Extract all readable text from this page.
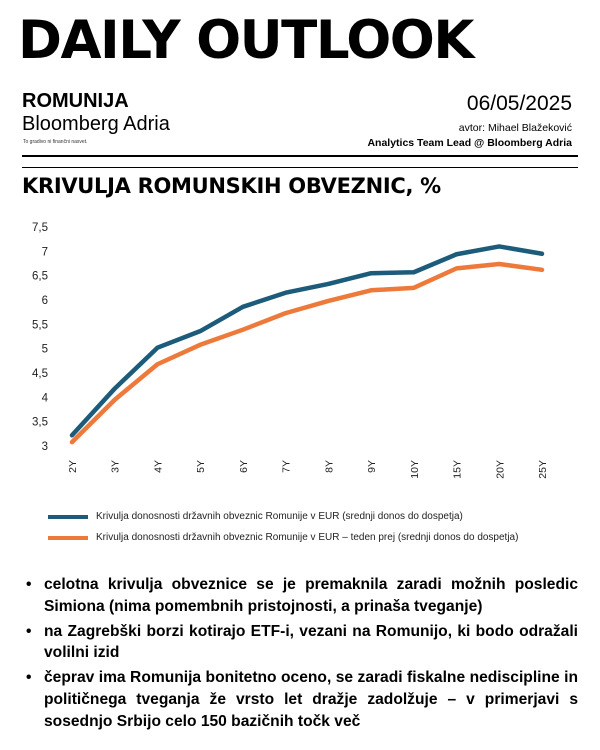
DAILY OUTLOOK
ROMUNIJA
Bloomberg Adria
To gradivo ni finančni nasvet.
06/05/2025
avtor: Mihael Blažeković
Analytics Team Lead @ Bloomberg Adria
KRIVULJA ROMUNSKIH OBVEZNIC, %
3
3,5
4
4,5
5
5,5
6
6,5
7
7,5
2Y	3Y	4Y	5Y	6Y	7Y	8Y	9Y	10Y	15Y	20Y	25Y
Krivulja donosnosti državnih obveznic Romunije v EUR (srednji donos do dospetja)
Krivulja donosnosti državnih obveznic Romunije v EUR – teden prej (srednji donos do dospetja)
• celotna krivulja obveznice se je premaknila zaradi možnih posledic Simiona (nima pomembnih pristojnosti, a prinaša tveganje)
• na Zagrebški borzi kotirajo ETF-i, vezani na Romunijo, ki bodo odražali volilni izid
• čeprav ima Romunija bonitetno oceno, se zaradi fiskalne nediscipline in političnega tveganja že vrsto let dražje zadolžuje – v primerjavi s sosednjo Srbijo celo 150 bazičnih točk več
